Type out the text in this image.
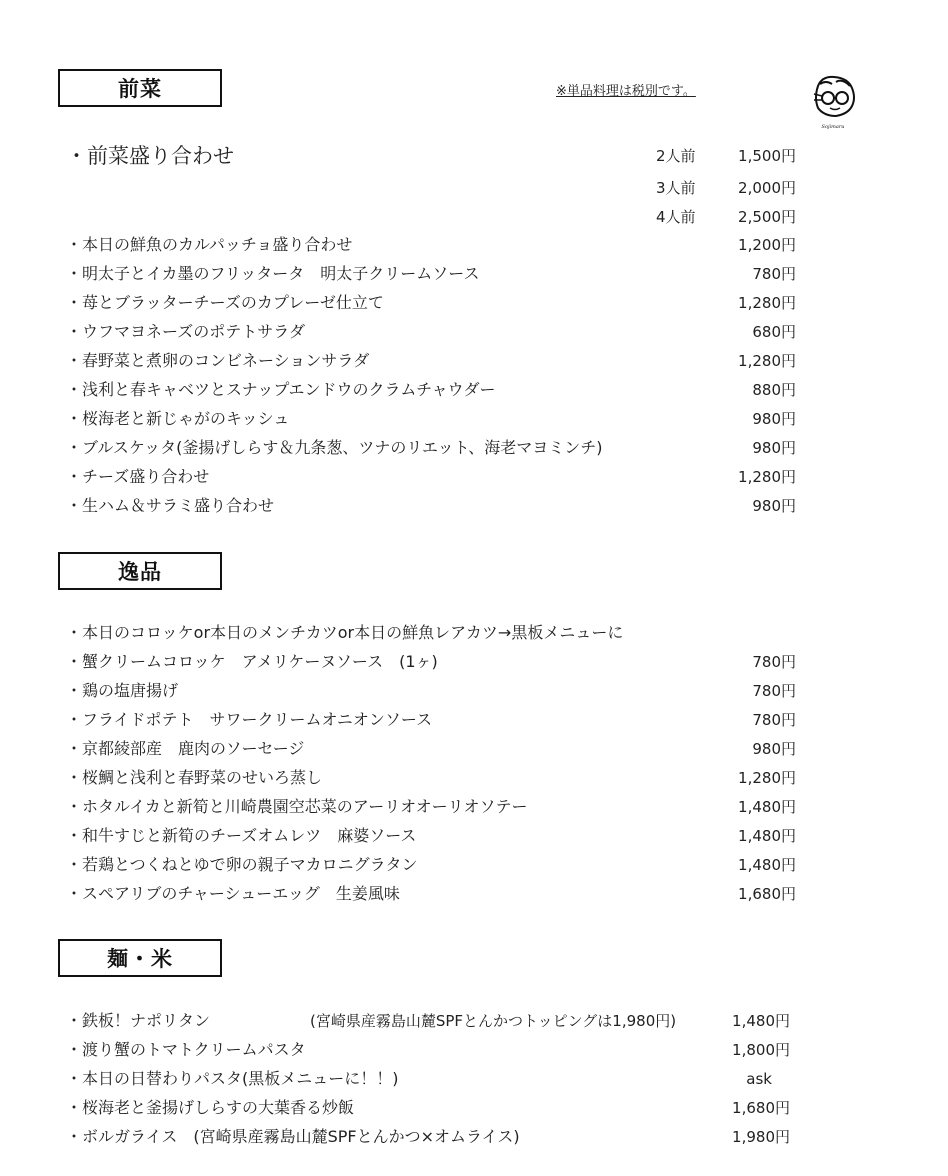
前菜	※単品料理は税別です。
Sojimaru
・前菜盛り合わせ	2人前	1,500円
3人前	2,000円
4人前	2,500円
・本日の鮮魚のカルパッチョ盛り合わせ	1,200円
・明太子とイカ墨のフリッタータ　明太子クリームソース	780円
・苺とブラッターチーズのカプレーゼ仕立て	1,280円
・ウフマヨネーズのポテトサラダ	680円
・春野菜と煮卵のコンビネーションサラダ	1,280円
・浅利と春キャベツとスナップエンドウのクラムチャウダー	880円
・桜海老と新じゃがのキッシュ	980円
・ブルスケッタ(釜揚げしらす＆九条葱、ツナのリエット、海老マヨミンチ)	980円
・チーズ盛り合わせ	1,280円
・生ハム＆サラミ盛り合わせ	980円
逸品
・本日のコロッケor本日のメンチカツor本日の鮮魚レアカツ→黒板メニューに
・蟹クリームコロッケ　アメリケーヌソース　(1ヶ)	780円
・鶏の塩唐揚げ	780円
・フライドポテト　サワークリームオニオンソース	780円
・京都綾部産　鹿肉のソーセージ	980円
・桜鯛と浅利と春野菜のせいろ蒸し	1,280円
・ホタルイカと新筍と川崎農園空芯菜のアーリオオーリオソテー	1,480円
・和牛すじと新筍のチーズオムレツ　麻婆ソース	1,480円
・若鶏とつくねとゆで卵の親子マカロニグラタン	1,480円
・スペアリブのチャーシューエッグ　生姜風味	1,680円
麺・米
・鉄板！ナポリタン	(宮崎県産霧島山麓SPFとんかつトッピングは1,980円)	1,480円
・渡り蟹のトマトクリームパスタ	1,800円
・本日の日替わりパスタ(黒板メニューに！！)	ask
・桜海老と釜揚げしらすの大葉香る炒飯	1,680円
・ボルガライス　(宮崎県産霧島山麓SPFとんかつ×オムライス)	1,980円
